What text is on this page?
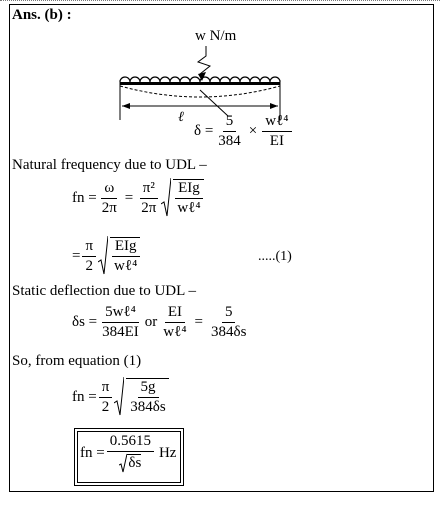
Ans. (b) :
w N/m
ℓ
$\delta = \frac{5}{384} \times \frac{\text{wℓ⁴}}{EI}$
Natural frequency due to UDL –
fn = $\frac{\omega}{2\pi} = \frac{\text{π²}}{2\pi} \frac{\text{EIg}}{\text{wℓ⁴}}$
= $\frac{\pi}{2} \frac{\text{EIg}}{\text{wℓ⁴}}$	.....(1)
Static deflection due to UDL –
$\delta s = \frac{\text{5wℓ⁴}}{384EI}$ or $\frac{EI}{\text{wℓ⁴}} = \frac{5}{384\delta s}$
So, from equation (1)
fn = $\frac{\pi}{2} \frac{5g}{384\delta s}$
fn = $\frac{0.5615}{\delta s}$ Hz
